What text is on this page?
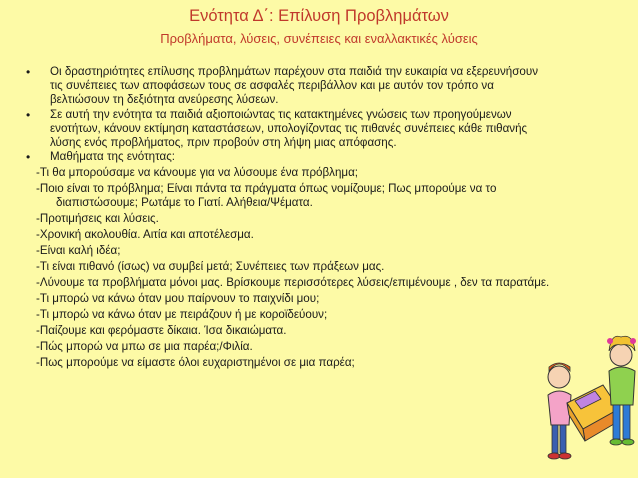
Ενότητα Δ΄: Επίλυση Προβλημάτων
Προβλήματα, λύσεις, συνέπειες και εναλλακτικές λύσεις
• Οι δραστηριότητες επίλυσης προβλημάτων παρέχουν στα παιδιά την ευκαιρία να εξερευνήσουν τις συνέπειες των αποφάσεων τους σε ασφαλές περιβάλλον και με αυτόν τον τρόπο να βελτιώσουν τη δεξιότητα ανεύρεσης λύσεων.
• Σε αυτή την ενότητα τα παιδιά αξιοποιώντας τις κατακτημένες γνώσεις των προηγούμενων ενοτήτων, κάνουν εκτίμηση καταστάσεων, υπολογίζοντας τις πιθανές συνέπειες κάθε πιθανής λύσης ενός προβλήματος, πριν προβούν στη λήψη μιας απόφασης.
• Μαθήματα της ενότητας:
-Τι θα μπορούσαμε να κάνουμε για να λύσουμε ένα πρόβλημα;
-Ποιο είναι το πρόβλημα; Είναι πάντα τα πράγματα όπως νομίζουμε; Πως μπορούμε να το διαπιστώσουμε; Ρωτάμε το Γιατί. Αλήθεια/Ψέματα.
-Προτιμήσεις και λύσεις.
-Χρονική ακολουθία. Αιτία και αποτέλεσμα.
-Είναι καλή ιδέα;
-Τι είναι πιθανό (ίσως) να συμβεί μετά; Συνέπειες των πράξεων μας.
-Λύνουμε τα προβλήματα μόνοι μας. Βρίσκουμε περισσότερες λύσεις/επιμένουμε , δεν τα παρατάμε.
-Τι μπορώ να κάνω όταν μου παίρνουν το παιχνίδι μου;
-Τι μπορώ να κάνω όταν με πειράζουν ή με κοροϊδεύουν;
-Παίζουμε και φερόμαστε δίκαια. Ίσα δικαιώματα.
-Πώς μπορώ να μπω σε μια παρέα;/Φιλία.
-Πως μπορούμε να είμαστε όλοι ευχαριστημένοι σε μια παρέα;
